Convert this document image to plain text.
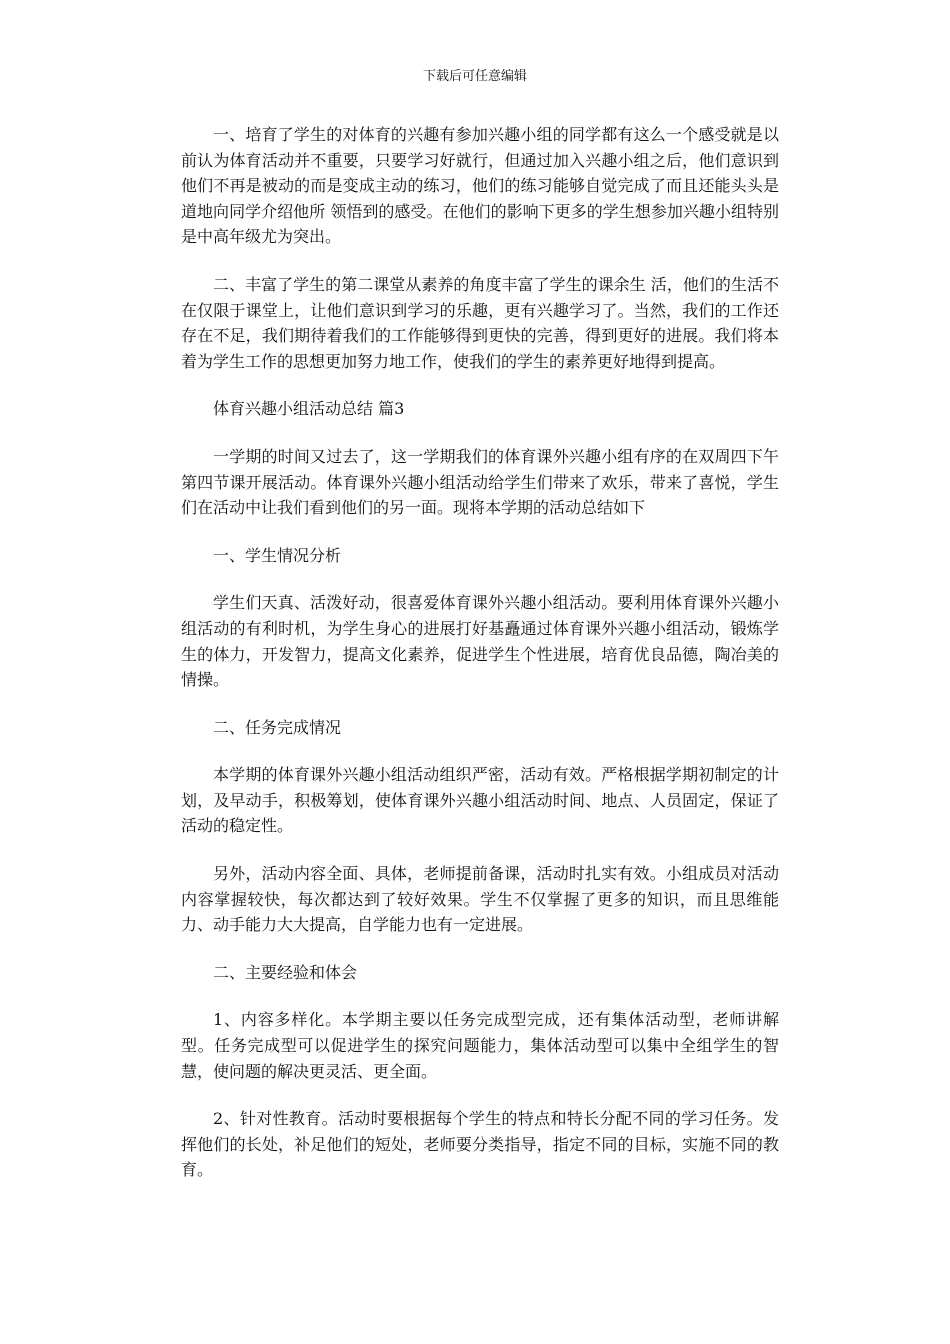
下载后可任意编辑

一、培育了学生的对体育的兴趣有参加兴趣小组的同学都有这么一个感受就是以前认为体育活动并不重要，只要学习好就行，但通过加入兴趣小组之后，他们意识到他们不再是被动的而是变成主动的练习，他们的练习能够自觉完成了而且还能头头是道地向同学介绍他所 领悟到的感受。在他们的影响下更多的学生想参加兴趣小组特别是中高年级尤为突出。

二、丰富了学生的第二课堂从素养的角度丰富了学生的课余生 活，他们的生活不在仅限于课堂上，让他们意识到学习的乐趣，更有兴趣学习了。当然，我们的工作还存在不足，我们期待着我们的工作能够得到更快的完善，得到更好的进展。我们将本着为学生工作的思想更加努力地工作，使我们的学生的素养更好地得到提高。

体育兴趣小组活动总结 篇3

一学期的时间又过去了，这一学期我们的体育课外兴趣小组有序的在双周四下午第四节课开展活动。体育课外兴趣小组活动给学生们带来了欢乐，带来了喜悦，学生们在活动中让我们看到他们的另一面。现将本学期的活动总结如下

一、学生情况分析

学生们天真、活泼好动，很喜爱体育课外兴趣小组活动。要利用体育课外兴趣小组活动的有利时机，为学生身心的进展打好基矗通过体育课外兴趣小组活动，锻炼学生的体力，开发智力，提高文化素养，促进学生个性进展，培育优良品德，陶冶美的情操。

二、任务完成情况

本学期的体育课外兴趣小组活动组织严密，活动有效。严格根据学期初制定的计划，及早动手，积极筹划，使体育课外兴趣小组活动时间、地点、人员固定，保证了活动的稳定性。

另外，活动内容全面、具体，老师提前备课，活动时扎实有效。小组成员对活动内容掌握较快，每次都达到了较好效果。学生不仅掌握了更多的知识，而且思维能力、动手能力大大提高，自学能力也有一定进展。

二、主要经验和体会

1、内容多样化。本学期主要以任务完成型完成，还有集体活动型，老师讲解型。任务完成型可以促进学生的探究问题能力，集体活动型可以集中全组学生的智慧，使问题的解决更灵活、更全面。

2、针对性教育。活动时要根据每个学生的特点和特长分配不同的学习任务。发挥他们的长处，补足他们的短处，老师要分类指导，指定不同的目标，实施不同的教育。
